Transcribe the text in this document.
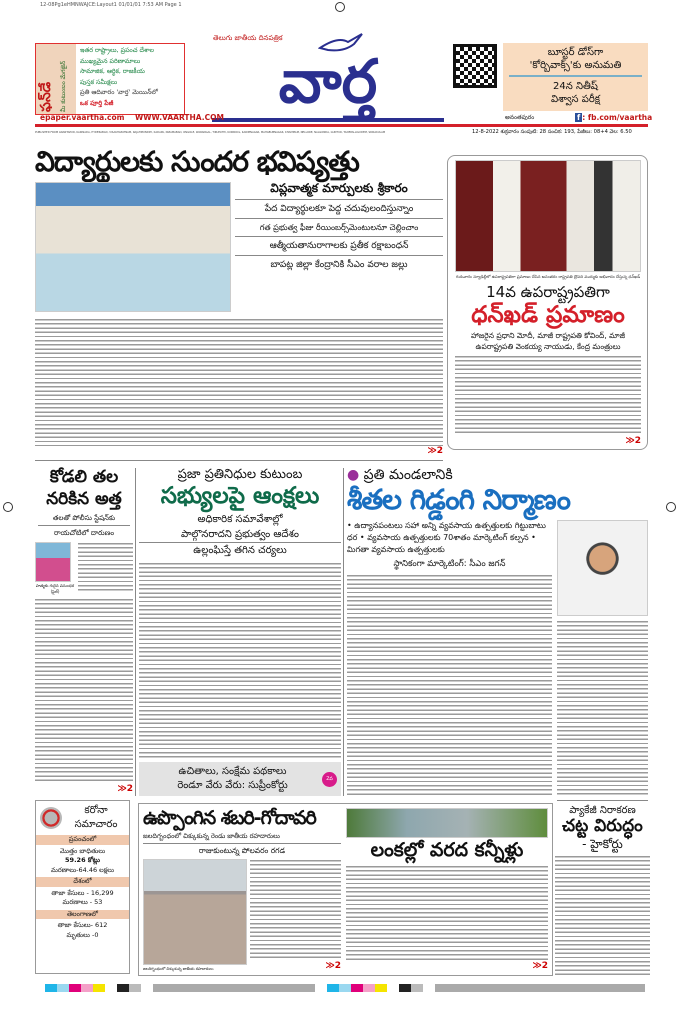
12-08Pg1eHMNWAJCE:Layout1 01/01/01 7:53 AM Page 1
ఫన్‌డే మీ కుటుంబం మేగజైన్
ఇతర రాష్ట్రాలు, ప్రపంచ దేశాల
ముఖ్యమైన పరిణామాలు
సామాజిక, ఆర్థిక, రాజకీయ
పుస్తక సమీక్షలు
ప్రతి ఆదివారం 'వార్త' మెయిన్‌లో
ఒక పూర్తి పేజీ
తెలుగు జాతీయ దినపత్రిక
వార్త	బూస్టర్ డోస్‌గా
'కోర్బివాక్స్'కు అనుమతి
24న నితీష్
విశ్వాస పరీక్ష
epaper.vaartha.com WWW.VAARTHA.COM	అనంతపురం	f : fb.com/vaartha
PUBLISHED FROM ANANTAPUR, KAKINADA, HYDERABAD, VISAKHAPATNAM, RAJAHMUNDRY, KADAPA, NIZAMABAD, ONGOLE, WARANGAL, TIRUPATHI, KURNOOL, KARIMNAGAR, MAHABUBNAGAR, KHAMMAM, NELLORE, NALGONDA, GUNTUR, TADEPALLIGUDEM, SRIKAKULAM	12-8-2022 శుక్రవారం సంపుటి: 28 సంచిక: 193, పేజీలు: 08+4 వెల: 6.50
విద్యార్థులకు సుందర భవిష్యత్తు
విప్లవాత్మక మార్పులకు శ్రీకారం
పేద విద్యార్థులకూ పెద్ద చదువులందిస్తున్నాం
గత ప్రభుత్వ ఫీజు రీయింబర్స్‌మెంటులనూ చెల్లించాం
ఆత్మీయతానురాగాలకు ప్రతీక రక్షాబంధన్
బాపట్ల జిల్లా కేంద్రానికి సీఎం వరాల జల్లు
≫2
గురువారం న్యూఢిల్లీలో ఉపరాష్ట్రపతిగా ప్రమాణం చేసిన అనంతరం రాష్ట్రపతి ద్రౌపది ముర్ముకు అభివాదం చేస్తున్న ధన్‌ఖడ్
14వ ఉపరాష్ట్రపతిగా
ధన్‌ఖడ్ ప్రమాణం
హాజరైన ప్రధాని మోదీ, మాజీ రాష్ట్రపతి కోవింద్, మాజీ ఉపరాష్ట్రపతి వెంకయ్య నాయుడు, కేంద్ర మంత్రులు
≫2
కోడలి తల నరికిన అత్త
తలతో పోలీసు స్టేషన్‌కు
రాయచోటిలో దారుణం
హత్యకు గురైన వసుంధర (ఫైల్)
≫2
ప్రజా ప్రతినిధుల కుటుంబ
సభ్యులపై ఆంక్షలు
అధికారిక సమావేశాల్లో
పాల్గొనరాదని ప్రభుత్వం ఆదేశం
ఉల్లంఘిస్తే తగిన చర్యలు
ఉచితాలు, సంక్షేమ పథకాలు
రెండూ వేరు వేరు: సుప్రీంకోర్టు
2వ
● ప్రతి మండలానికి
శీతల గిడ్డంగి నిర్మాణం
• ఉద్యానపంటలు సహా అన్ని వ్యవసాయ ఉత్పత్తులకు గిట్టుబాటు ధర • వ్యవసాయ ఉత్పత్తులకు 70శాతం మార్కెటింగ్ కల్పన • మిగతా వ్యవసాయ ఉత్పత్తులకు
స్థానికంగా మార్కెటింగ్: సీఎం జగన్
ప్యాకేజీ నిరాకరణ
చట్ట విరుద్ధం
- హైకోర్టు
ఉప్పొంగిన శబరి-గోదావరి
జలదిగ్బంధంలో చిక్కుకున్న రెండు జాతీయ రహదారులు
రాజుకుంటున్న పోలవరం రగడ
జలదిగ్బంధంలో చిక్కుకున్న జాతీయ రహదారులు	≫2
లంకల్లో వరద కన్నీళ్లు
≫2
కరోనా
సమాచారం
ప్రపంచంలో
మొత్తం బాధితులు
59.26 కోట్లు
మరణాలు-64.46 లక్షలు
దేశంలో
తాజా కేసులు - 16,299
మరణాలు - 53
తెలంగాణలో
తాజా కేసులు- 612
మృతులు -0
